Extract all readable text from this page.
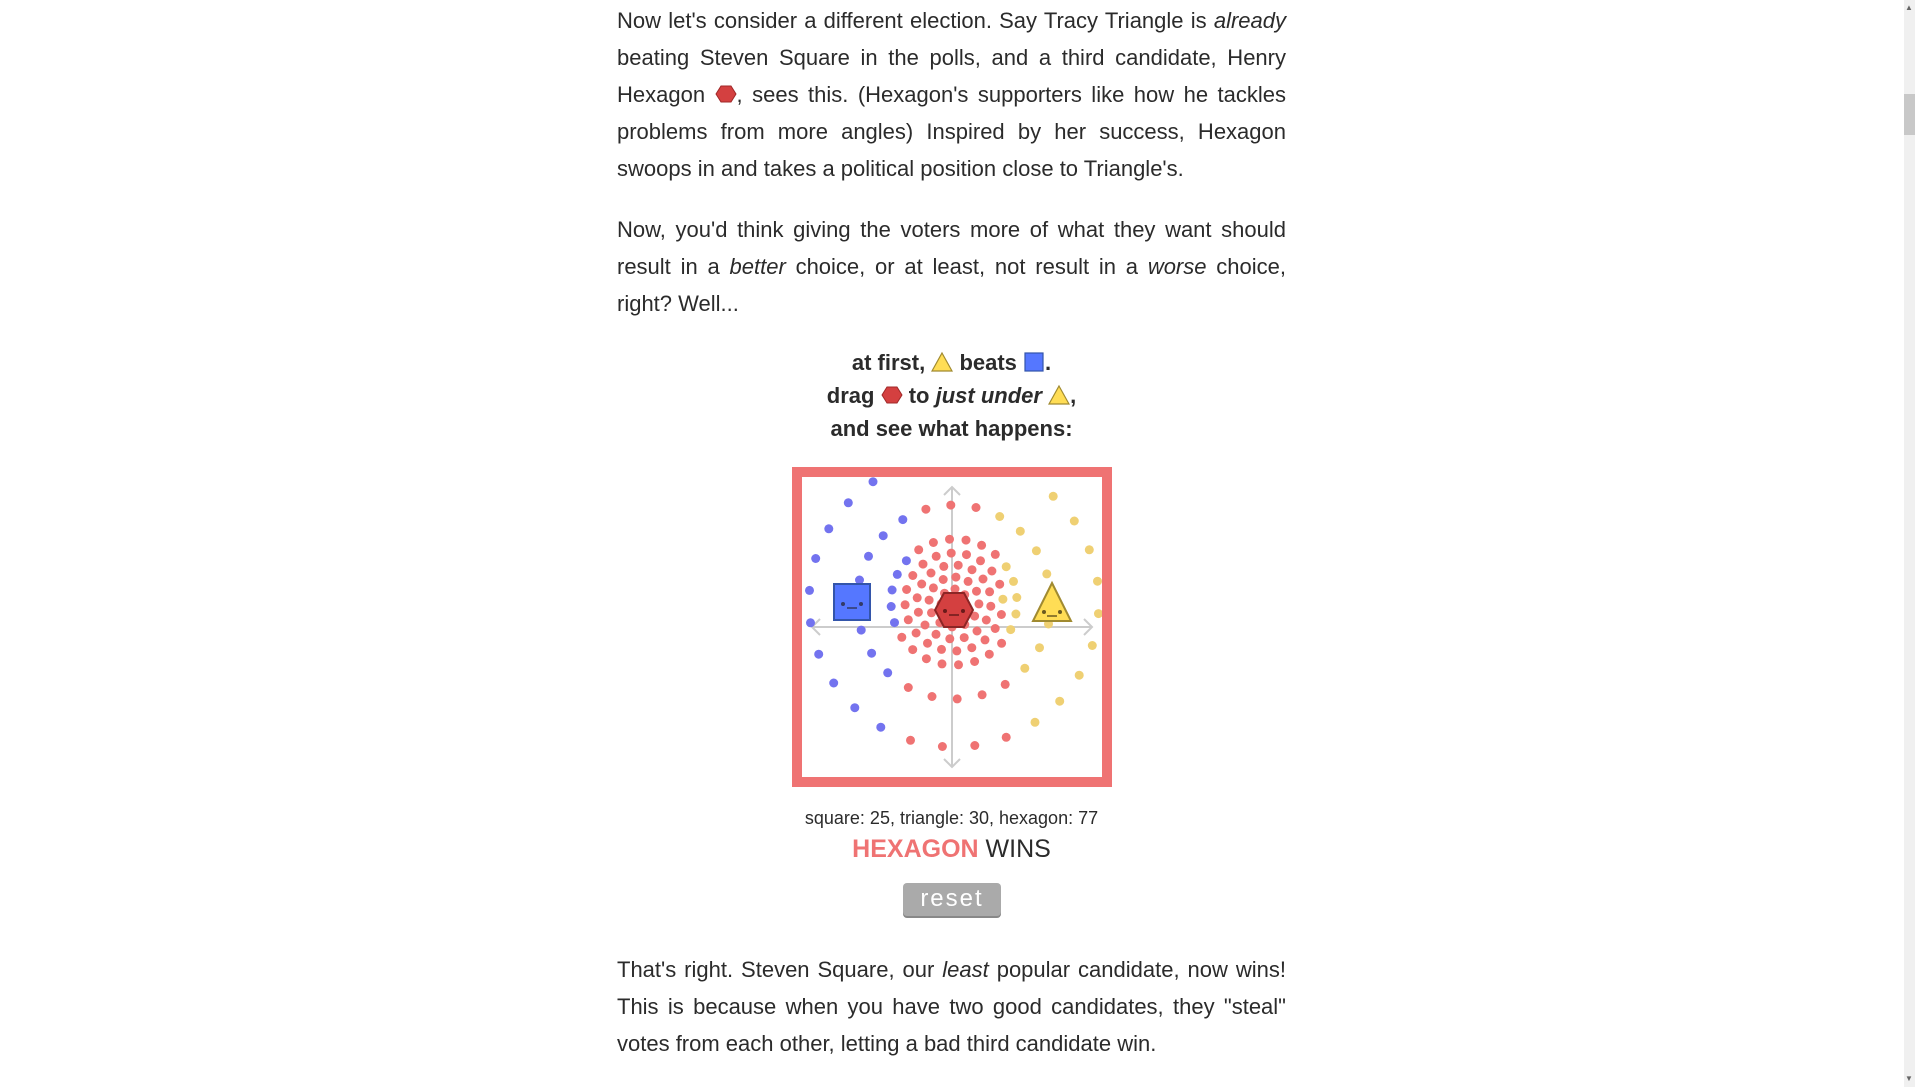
Now let's consider a different election. Say Tracy Triangle is already beating Steven Square in the polls, and a third candidate, Henry Hexagon , sees this. (Hexagon's supporters like how he tackles problems from more angles) Inspired by her success, Hexagon swoops in and takes a political position close to Triangle's.

Now, you'd think giving the voters more of what they want should result in a better choice, or at least, not result in a worse choice, right? Well...

at first, beats .
drag to just under ,
and see what happens:
square: 25, triangle: 30, hexagon: 77
HEXAGON WINS
reset

That's right. Steven Square, our least popular candidate, now wins! This is because when you have two good candidates, they "steal" votes from each other, letting a bad third candidate win.

▲
▼
